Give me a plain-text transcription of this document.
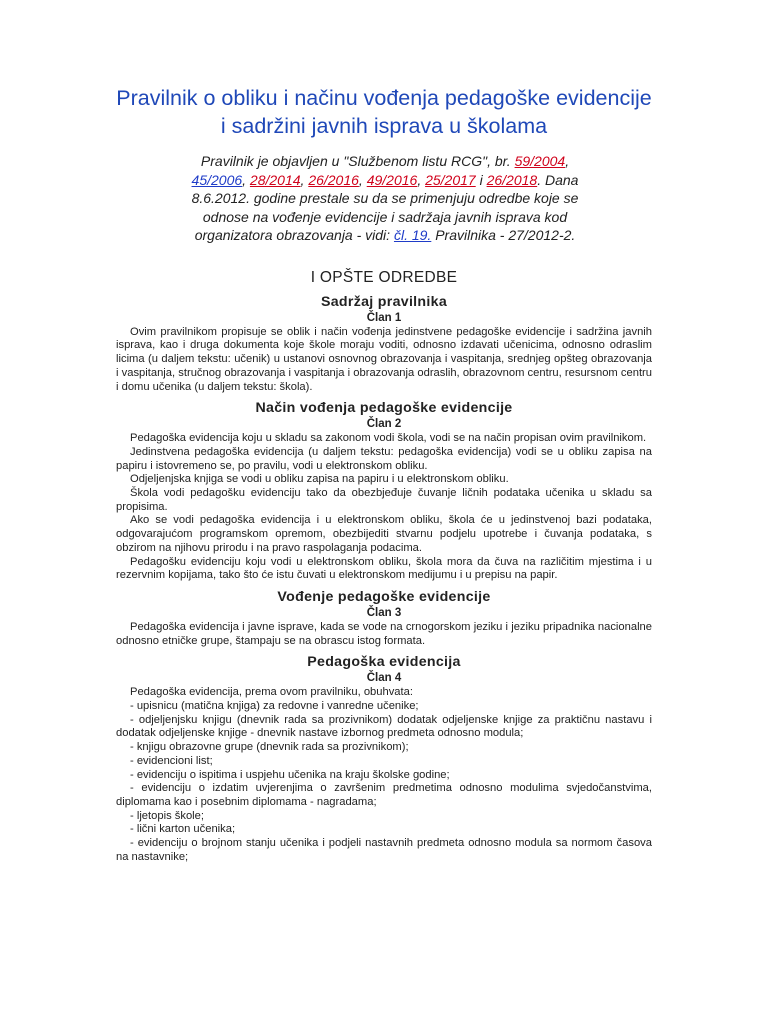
Pravilnik o obliku i načinu vođenja pedagoške evidencije
i sadržini javnih isprava u školama
Pravilnik je objavljen u "Službenom listu RCG", br. 59/2004, 45/2006, 28/2014, 26/2016, 49/2016, 25/2017 i 26/2018. Dana 8.6.2012. godine prestale su da se primenjuju odredbe koje se odnose na vođenje evidencije i sadržaja javnih isprava kod organizatora obrazovanja - vidi: čl. 19. Pravilnika - 27/2012-2.
I OPŠTE ODREDBE
Sadržaj pravilnika
Član 1

Ovim pravilnikom propisuje se oblik i način vođenja jedinstvene pedagoške evidencije i sadržina javnih isprava, kao i druga dokumenta koje škole moraju voditi, odnosno izdavati učenicima, odnosno odraslim licima (u daljem tekstu: učenik) u ustanovi osnovnog obrazovanja i vaspitanja, srednjeg opšteg obrazovanja i vaspitanja, stručnog obrazovanja i vaspitanja i obrazovanja odraslih, obrazovnom centru, resursnom centru i domu učenika (u daljem tekstu: škola).

Način vođenja pedagoške evidencije
Član 2

Pedagoška evidencija koju u skladu sa zakonom vodi škola, vodi se na način propisan ovim pravilnikom.

Jedinstvena pedagoška evidencija (u daljem tekstu: pedagoška evidencija) vodi se u obliku zapisa na papiru i istovremeno se, po pravilu, vodi u elektronskom obliku.

Odjeljenjska knjiga se vodi u obliku zapisa na papiru i u elektronskom obliku.

Škola vodi pedagošku evidenciju tako da obezbjeđuje čuvanje ličnih podataka učenika u skladu sa propisima.

Ako se vodi pedagoška evidencija i u elektronskom obliku, škola će u jedinstvenoj bazi podataka, odgovarajućom programskom opremom, obezbijediti stvarnu podjelu upotrebe i čuvanja podataka, s obzirom na njihovu prirodu i na pravo raspolaganja podacima.

Pedagošku evidenciju koju vodi u elektronskom obliku, škola mora da čuva na različitim mjestima i u rezervnim kopijama, tako što će istu čuvati u elektronskom medijumu i u prepisu na papir.

Vođenje pedagoške evidencije
Član 3

Pedagoška evidencija i javne isprave, kada se vode na crnogorskom jeziku i jeziku pripadnika nacionalne odnosno etničke grupe, štampaju se na obrascu istog formata.

Pedagoška evidencija
Član 4

Pedagoška evidencija, prema ovom pravilniku, obuhvata:

- upisnicu (matična knjiga) za redovne i vanredne učenike;

- odjeljenjsku knjigu (dnevnik rada sa prozivnikom) dodatak odjeljenske knjige za praktičnu nastavu i dodatak odjeljenske knjige - dnevnik nastave izbornog predmeta odnosno modula;

- knjigu obrazovne grupe (dnevnik rada sa prozivnikom);

- evidencioni list;

- evidenciju o ispitima i uspjehu učenika na kraju školske godine;

- evidenciju o izdatim uvjerenjima o završenim predmetima odnosno modulima svjedočanstvima, diplomama kao i posebnim diplomama - nagradama;

- ljetopis škole;

- lični karton učenika;

- evidenciju o brojnom stanju učenika i podjeli nastavnih predmeta odnosno modula sa normom časova na nastavnike;
